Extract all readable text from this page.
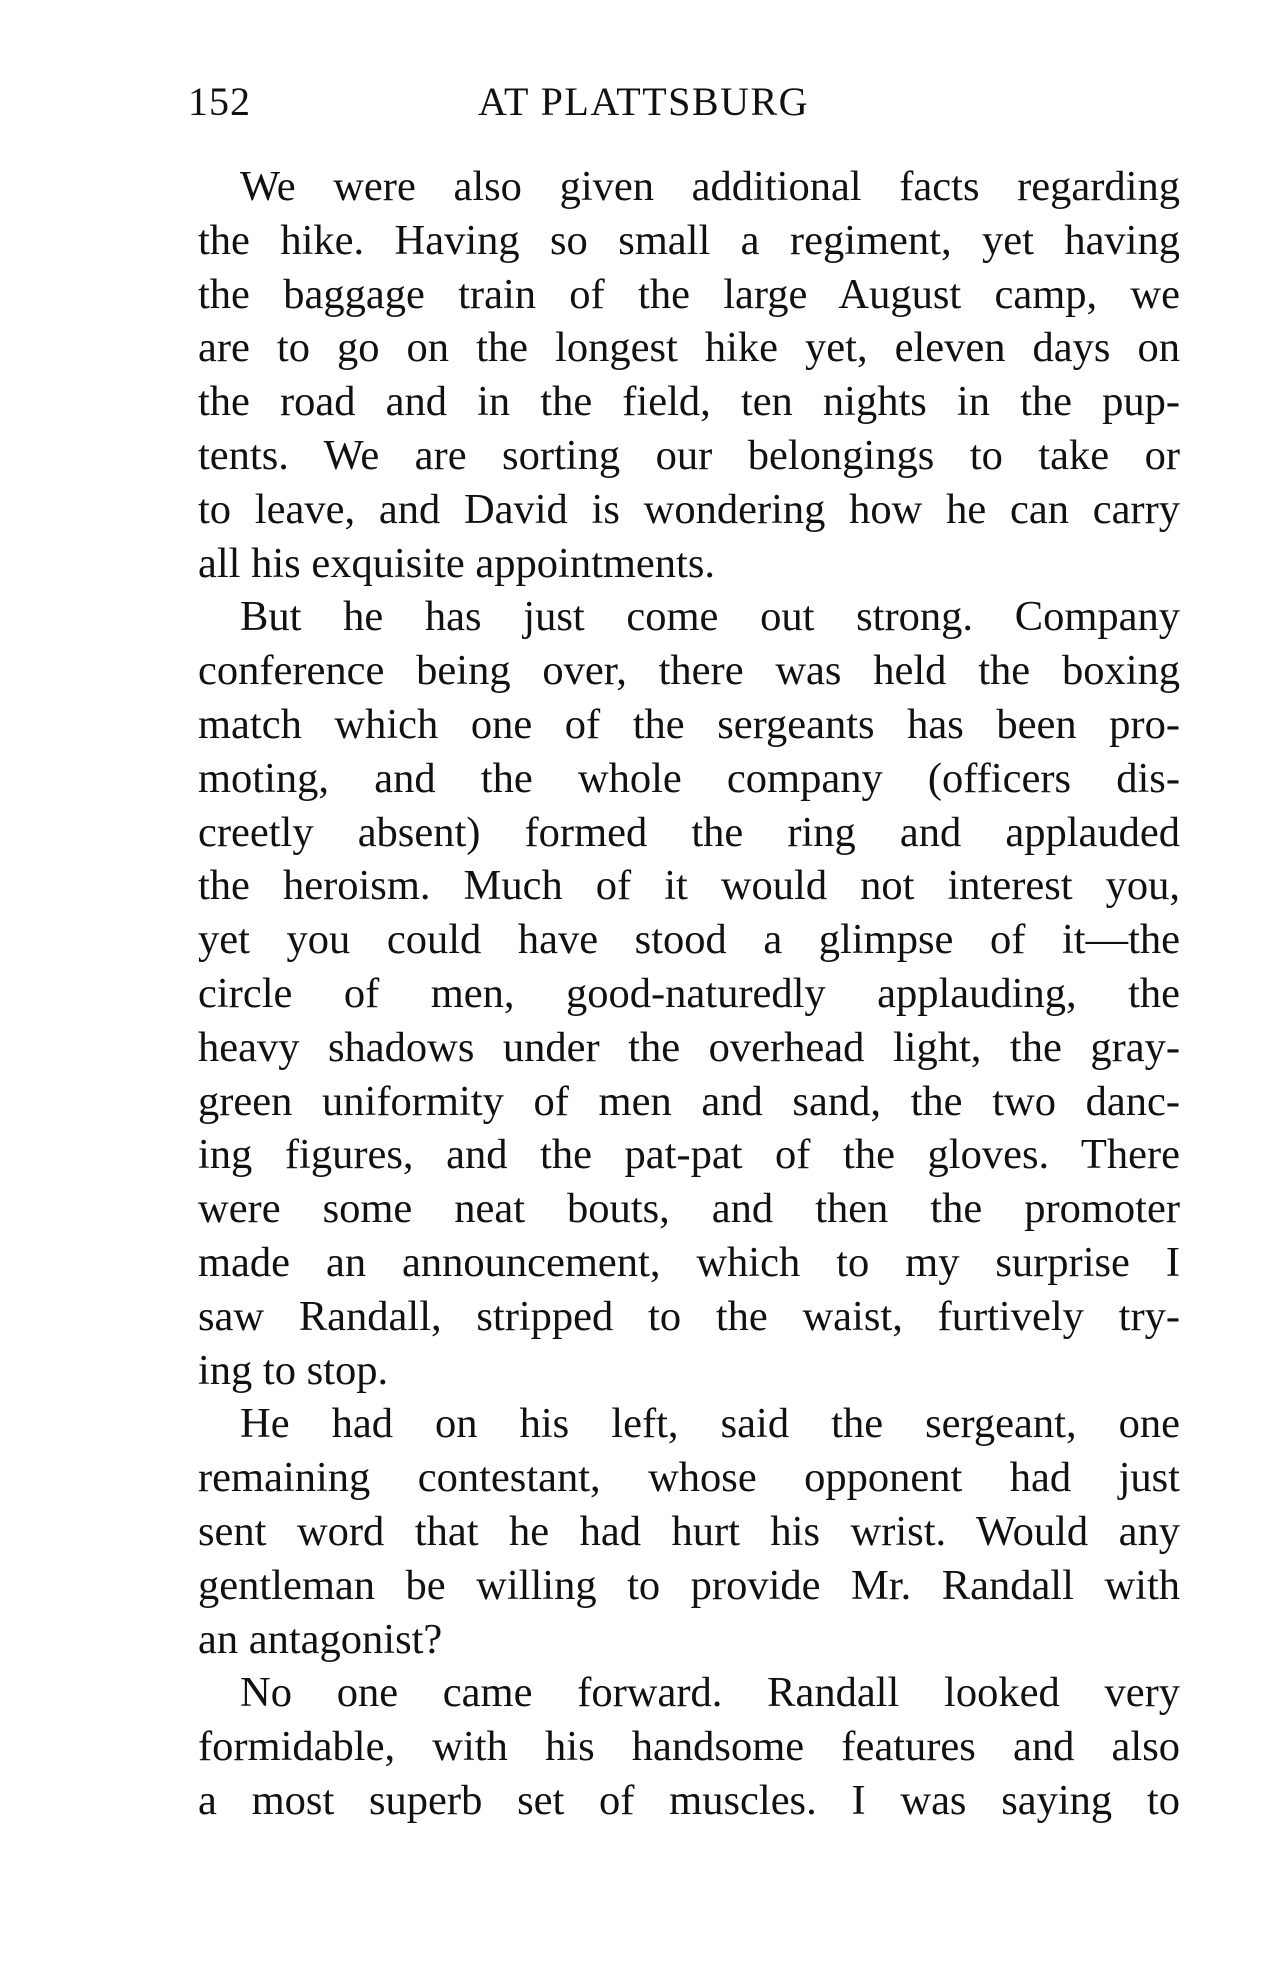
152	AT PLATTSBURG
We were also given additional facts regarding
the hike. Having so small a regiment, yet having
the baggage train of the large August camp, we
are to go on the longest hike yet, eleven days on
the road and in the field, ten nights in the pup-
tents. We are sorting our belongings to take or
to leave, and David is wondering how he can carry
all his exquisite appointments.
But he has just come out strong. Company
conference being over, there was held the boxing
match which one of the sergeants has been pro-
moting, and the whole company (officers dis-
creetly absent) formed the ring and applauded
the heroism. Much of it would not interest you,
yet you could have stood a glimpse of it—the
circle of men, good-naturedly applauding, the
heavy shadows under the overhead light, the gray-
green uniformity of men and sand, the two danc-
ing figures, and the pat-pat of the gloves. There
were some neat bouts, and then the promoter
made an announcement, which to my surprise I
saw Randall, stripped to the waist, furtively try-
ing to stop.
He had on his left, said the sergeant, one
remaining contestant, whose opponent had just
sent word that he had hurt his wrist. Would any
gentleman be willing to provide Mr. Randall with
an antagonist?
No one came forward. Randall looked very
formidable, with his handsome features and also
a most superb set of muscles. I was saying to
